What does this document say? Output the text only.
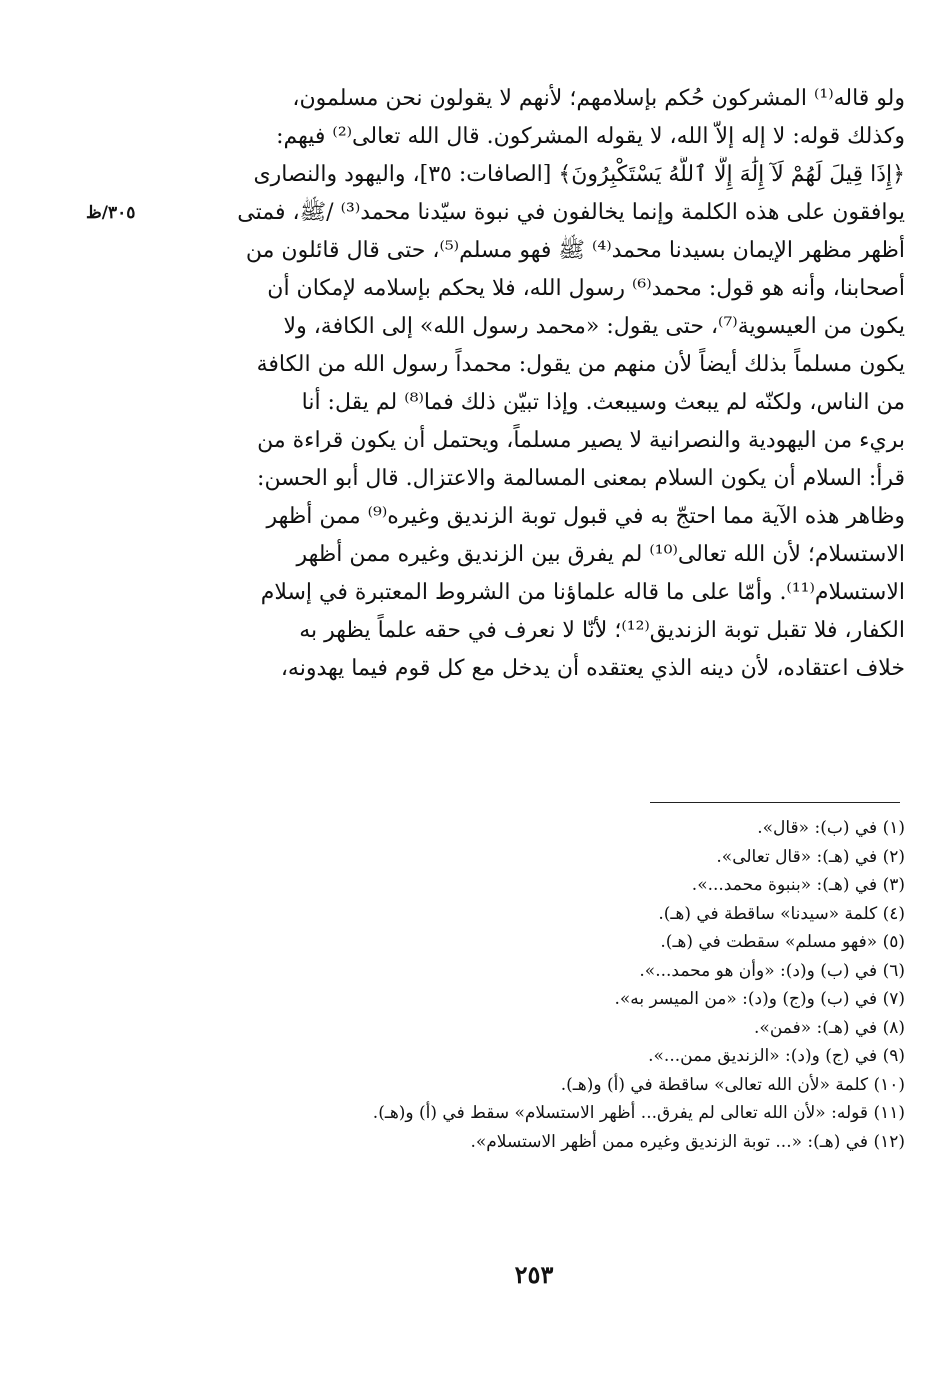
٣٠٥/ظ
ولو قاله⁽¹⁾ المشركون حُكم بإسلامهم؛ لأنهم لا يقولون نحن مسلمون،
وكذلك قوله: لا إله إلاّ الله، لا يقوله المشركون. قال الله تعالى⁽²⁾ فيهم:
﴿إِذَا قِيلَ لَهُمْ لَآ إِلَٰهَ إِلَّا ٱللَّهُ يَسْتَكْبِرُونَ﴾ [الصافات: ٣٥]، واليهود والنصارى
يوافقون على هذه الكلمة وإنما يخالفون في نبوة سيّدنا محمد⁽³⁾ /ﷺ، فمتى
أظهر مظهر الإيمان بسيدنا محمد⁽⁴⁾ ﷺ فهو مسلم⁽⁵⁾، حتى قال قائلون من
أصحابنا، وأنه هو قول: محمد⁽⁶⁾ رسول الله، فلا يحكم بإسلامه لإمكان أن
يكون من العيسوية⁽⁷⁾، حتى يقول: «محمد رسول الله» إلى الكافة، ولا
يكون مسلماً بذلك أيضاً لأن منهم من يقول: محمداً رسول الله من الكافة
من الناس، ولكنّه لم يبعث وسيبعث. وإذا تبيّن ذلك فما⁽⁸⁾ لم يقل: أنا
بريء من اليهودية والنصرانية لا يصير مسلماً، ويحتمل أن يكون قراءة من
قرأ: السلام أن يكون السلام بمعنى المسالمة والاعتزال. قال أبو الحسن:
وظاهر هذه الآية مما احتجّ به في قبول توبة الزنديق وغيره⁽⁹⁾ ممن أظهر
الاستسلام؛ لأن الله تعالى⁽¹⁰⁾ لم يفرق بين الزنديق وغيره ممن أظهر
الاستسلام⁽¹¹⁾. وأمّا على ما قاله علماؤنا من الشروط المعتبرة في إسلام
الكفار، فلا تقبل توبة الزنديق⁽¹²⁾؛ لأنّا لا نعرف في حقه علماً يظهر به
خلاف اعتقاده، لأن دينه الذي يعتقده أن يدخل مع كل قوم فيما يهدونه،
(١) في (ب): «قال».
(٢) في (هـ): «قال تعالى».
(٣) في (هـ): «بنبوة محمد...».
(٤) كلمة «سيدنا» ساقطة في (هـ).
(٥) «فهو مسلم» سقطت في (هـ).
(٦) في (ب) و(د): «وأن هو محمد...».
(٧) في (ب) و(ج) و(د): «من الميسر به».
(٨) في (هـ): «فمن».
(٩) في (ج) و(د): «الزنديق ممن...».
(١٠) كلمة «لأن الله تعالى» ساقطة في (أ) و(هـ).
(١١) قوله: «لأن الله تعالى لم يفرق... أظهر الاستسلام» سقط في (أ) و(هـ).
(١٢) في (هـ): «... توبة الزنديق وغيره ممن أظهر الاستسلام».
٢٥٣
